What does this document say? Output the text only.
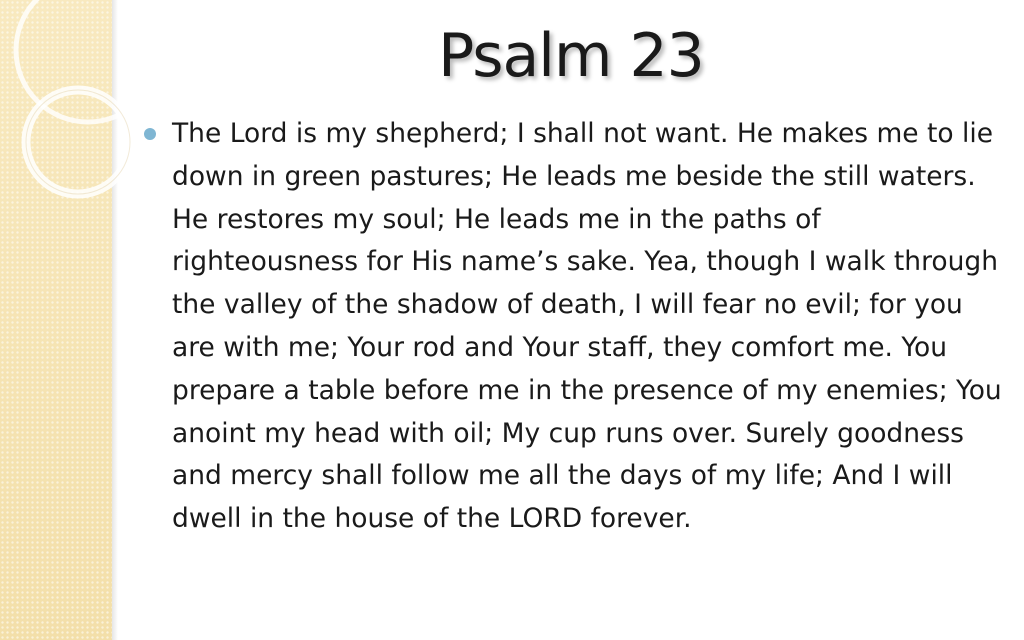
Psalm 23
The Lord is my shepherd; I shall not want. He makes me to lie down in green pastures; He leads me beside the still waters. He restores my soul; He leads me in the paths of righteousness for His name’s sake. Yea, though I walk through the valley of the shadow of death, I will fear no evil; for you are with me; Your rod and Your staff, they comfort me. You prepare a table before me in the presence of my enemies; You anoint my head with oil; My cup runs over. Surely goodness and mercy shall follow me all the days of my life; And I will dwell in the house of the LORD forever.
